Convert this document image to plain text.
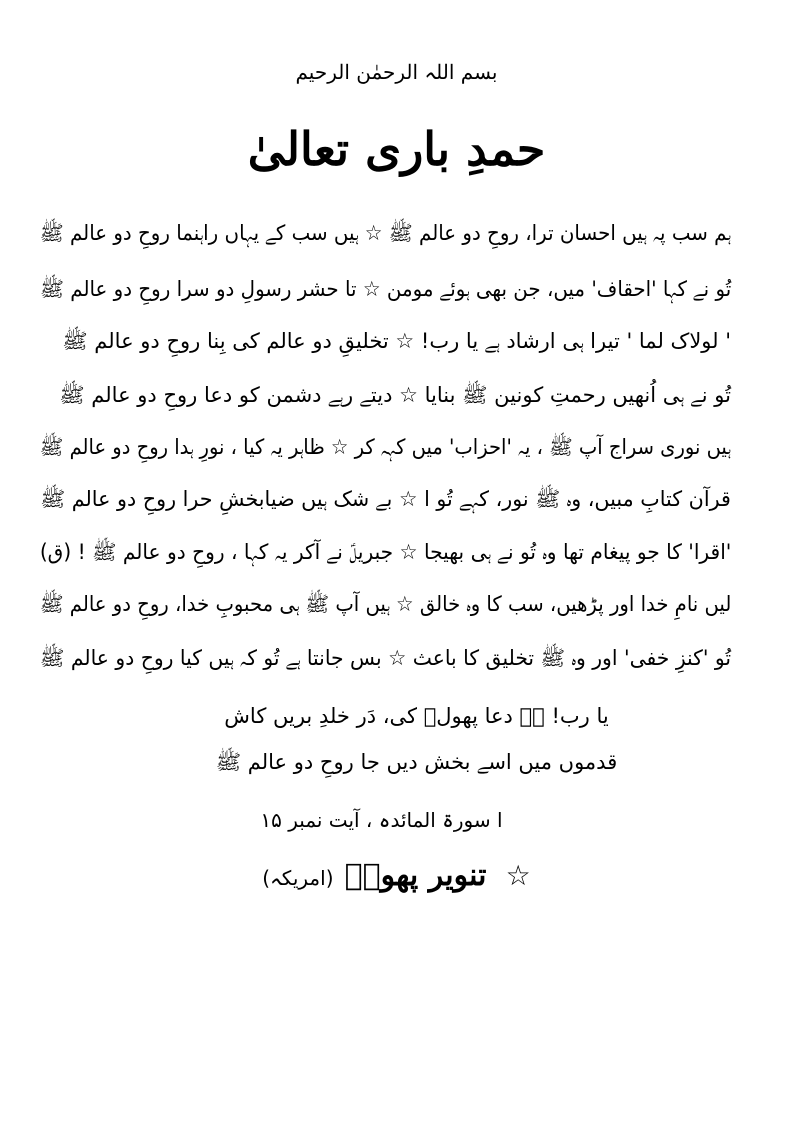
بسم اللہ الرحمٰن الرحیم
حمدِ باری تعالیٰ
ہم سب پہ ہیں احسان ترا، روحِ دو عالم ﷺ ☆ ہیں سب کے یہاں راہنما روحِ دو عالم ﷺ
تُو نے کہا 'احقاف' میں، جن بھی ہوئے مومن ☆ تا حشر رسولِ دو سرا روحِ دو عالم ﷺ
' لولاک لما ' تیرا ہی ارشاد ہے یا رب! ☆ تخلیقِ دو عالم کی بِنا روحِ دو عالم ﷺ
تُو نے ہی اُنھیں رحمتِ کونین ﷺ بنایا ☆ دیتے رہے دشمن کو دعا روحِ دو عالم ﷺ
ہیں نوری سراج آپ ﷺ ، یہ 'احزاب' میں کہہ کر ☆ ظاہر یہ کیا ، نورِ ہدا روحِ دو عالم ﷺ
قرآن کتابِ مبیں، وہ ﷺ نور، کہے تُو ا ☆ بے شک ہیں ضیابخشِ حرا روحِ دو عالم ﷺ
'اقرا' کا جو پیغام تھا وہ تُو نے ہی بھیجا ☆ جبریلؑ نے آکر یہ کہا ، روحِ دو عالم ﷺ ! (ق)
لیں نامِ خدا اور پڑھیں، سب کا وہ خالق ☆ ہیں آپ ﷺ ہی محبوبِ خدا، روحِ دو عالم ﷺ
تُو 'کنزِ خفی' اور وہ ﷺ تخلیق کا باعث ☆ بس جانتا ہے تُو کہ ہیں کیا روحِ دو عالم ﷺ
یا رب! ہے دعا پھولؔ کی، دَر خلدِ بریں کاش
قدموں میں اسے بخش دیں جا روحِ دو عالم ﷺ
ا سورۃ المائدہ ، آیت نمبر ۱۵
☆ تنویر پھولؔ (امریکہ)
